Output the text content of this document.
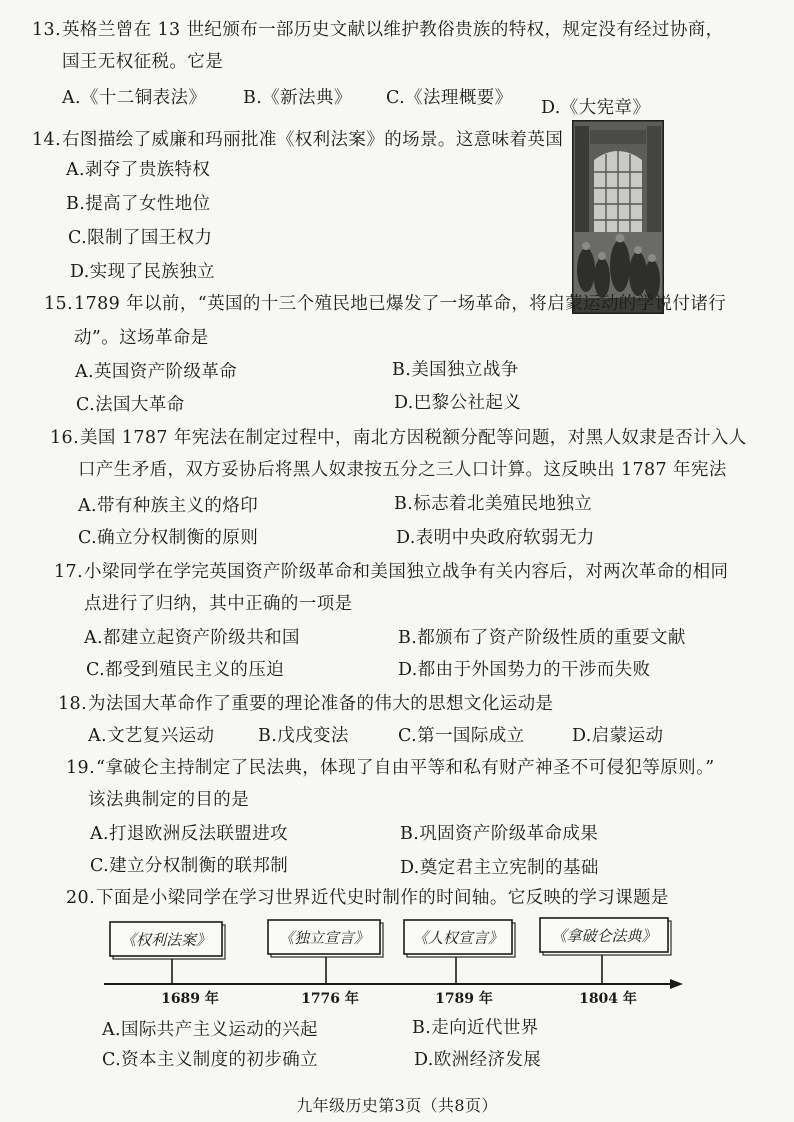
13.英格兰曾在 13 世纪颁布一部历史文献以维护教俗贵族的特权，规定没有经过协商，
国王无权征税。它是
A.《十二铜表法》 B.《新法典》 C.《法理概要》 D.《大宪章》
14.右图描绘了威廉和玛丽批准《权利法案》的场景。这意味着英国
A.剥夺了贵族特权
B.提高了女性地位
C.限制了国王权力
D.实现了民族独立
15.1789 年以前，“英国的十三个殖民地已爆发了一场革命，将启蒙运动的学说付诸行
动”。这场革命是
A.英国资产阶级革命	B.美国独立战争
C.法国大革命	D.巴黎公社起义
16.美国 1787 年宪法在制定过程中，南北方因税额分配等问题，对黑人奴隶是否计入人
口产生矛盾，双方妥协后将黑人奴隶按五分之三人口计算。这反映出 1787 年宪法
A.带有种族主义的烙印	B.标志着北美殖民地独立
C.确立分权制衡的原则	D.表明中央政府软弱无力
17.小梁同学在学完英国资产阶级革命和美国独立战争有关内容后，对两次革命的相同
点进行了归纳，其中正确的一项是
A.都建立起资产阶级共和国	B.都颁布了资产阶级性质的重要文献
C.都受到殖民主义的压迫	D.都由于外国势力的干涉而失败
18.为法国大革命作了重要的理论准备的伟大的思想文化运动是
A.文艺复兴运动 B.戊戌变法	C.第一国际成立	D.启蒙运动
19.“拿破仑主持制定了民法典，体现了自由平等和私有财产神圣不可侵犯等原则。”
该法典制定的目的是
A.打退欧洲反法联盟进攻	B.巩固资产阶级革命成果
C.建立分权制衡的联邦制	D.奠定君主立宪制的基础
20.下面是小梁同学在学习世界近代史时制作的时间轴。它反映的学习课题是
《权利法案》
1689 年
《独立宣言》
1776 年
《人权宣言》
1789 年
《拿破仑法典》
1804 年
A.国际共产主义运动的兴起	B.走向近代世界
C.资本主义制度的初步确立	D.欧洲经济发展
九年级历史第3页（共8页）
